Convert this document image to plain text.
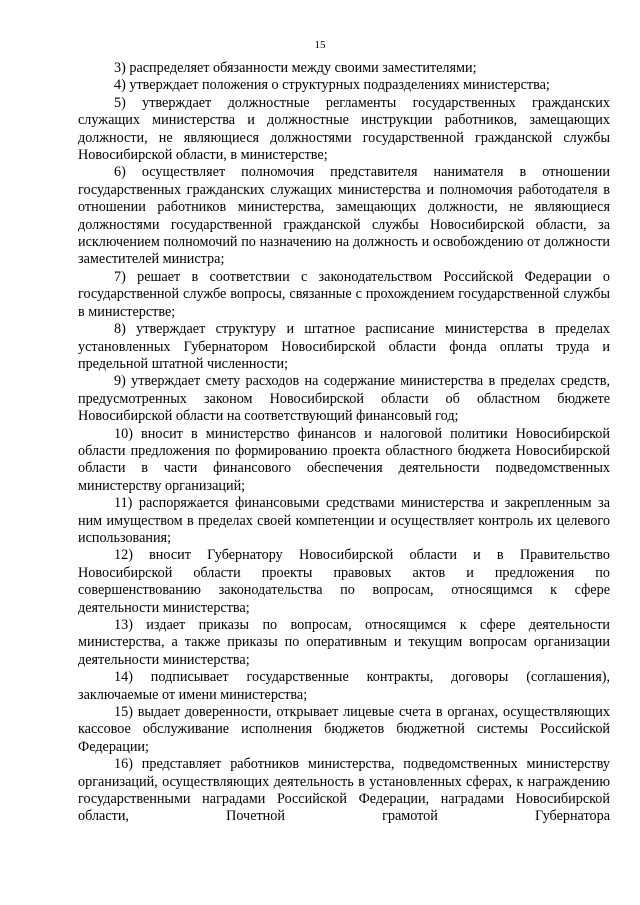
15

3) распределяет обязанности между своими заместителями;

4) утверждает положения о структурных подразделениях министерства;

5) утверждает должностные регламенты государственных гражданских служащих министерства и должностные инструкции работников, замещающих должности, не являющиеся должностями государственной гражданской службы Новосибирской области, в министерстве;

6) осуществляет полномочия представителя нанимателя в отношении государственных гражданских служащих министерства и полномочия работодателя в отношении работников министерства, замещающих должности, не являющиеся должностями государственной гражданской службы Новосибирской области, за исключением полномочий по назначению на должность и освобождению от должности заместителей министра;

7) решает в соответствии с законодательством Российской Федерации о государственной службе вопросы, связанные с прохождением государственной службы в министерстве;

8) утверждает структуру и штатное расписание министерства в пределах установленных Губернатором Новосибирской области фонда оплаты труда и предельной штатной численности;

9) утверждает смету расходов на содержание министерства в пределах средств, предусмотренных законом Новосибирской области об областном бюджете Новосибирской области на соответствующий финансовый год;

10) вносит в министерство финансов и налоговой политики Новосибирской области предложения по формированию проекта областного бюджета Новосибирской области в части финансового обеспечения деятельности подведомственных министерству организаций;

11) распоряжается финансовыми средствами министерства и закрепленным за ним имуществом в пределах своей компетенции и осуществляет контроль их целевого использования;

12) вносит Губернатору Новосибирской области и в Правительство Новосибирской области проекты правовых актов и предложения по совершенствованию законодательства по вопросам, относящимся к сфере деятельности министерства;

13) издает приказы по вопросам, относящимся к сфере деятельности министерства, а также приказы по оперативным и текущим вопросам организации деятельности министерства;

14) подписывает государственные контракты, договоры (соглашения), заключаемые от имени министерства;

15) выдает доверенности, открывает лицевые счета в органах, осуществляющих кассовое обслуживание исполнения бюджетов бюджетной системы Российской Федерации;

16) представляет работников министерства, подведомственных министерству организаций, осуществляющих деятельность в установленных сферах, к награждению государственными наградами Российской Федерации, наградами Новосибирской области, Почетной грамотой Губернатора
